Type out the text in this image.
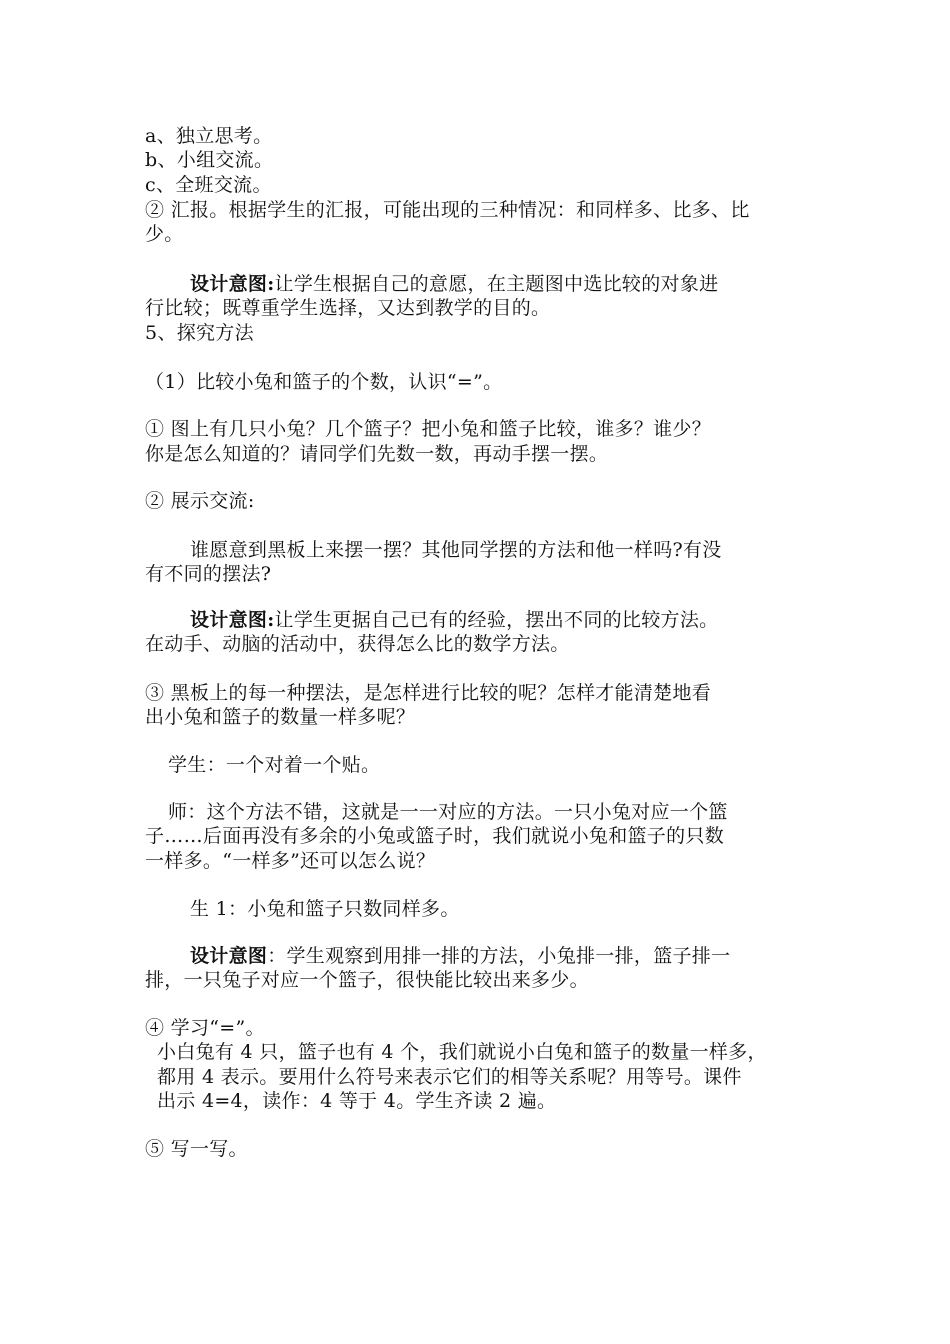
a、独立思考。
b、小组交流。
c、全班交流。
② 汇报。根据学生的汇报，可能出现的三种情况：和同样多、比多、比
少。
设计意图:让学生根据自己的意愿，在主题图中选比较的对象进
行比较；既尊重学生选择，又达到教学的目的。
5、探究方法
（1）比较小兔和篮子的个数，认识“=”。
① 图上有几只小兔？几个篮子？把小兔和篮子比较，谁多？谁少？
你是怎么知道的？请同学们先数一数，再动手摆一摆。
② 展示交流:
谁愿意到黑板上来摆一摆？其他同学摆的方法和他一样吗?有没
有不同的摆法?
设计意图:让学生更据自己已有的经验，摆出不同的比较方法。
在动手、动脑的活动中，获得怎么比的数学方法。
③ 黑板上的每一种摆法，是怎样进行比较的呢？怎样才能清楚地看
出小兔和篮子的数量一样多呢？
学生：一个对着一个贴。
师：这个方法不错，这就是一一对应的方法。一只小兔对应一个篮
子……后面再没有多余的小兔或篮子时，我们就说小兔和篮子的只数
一样多。“一样多”还可以怎么说？
生 1：小兔和篮子只数同样多。
设计意图：学生观察到用排一排的方法，小兔排一排，篮子排一
排，一只兔子对应一个篮子，很快能比较出来多少。
④ 学习“=”。
小白兔有 4 只，篮子也有 4 个，我们就说小白兔和篮子的数量一样多，
都用 4 表示。要用什么符号来表示它们的相等关系呢？用等号。课件
出示 4=4，读作：4 等于 4。学生齐读 2 遍。
⑤ 写一写。
